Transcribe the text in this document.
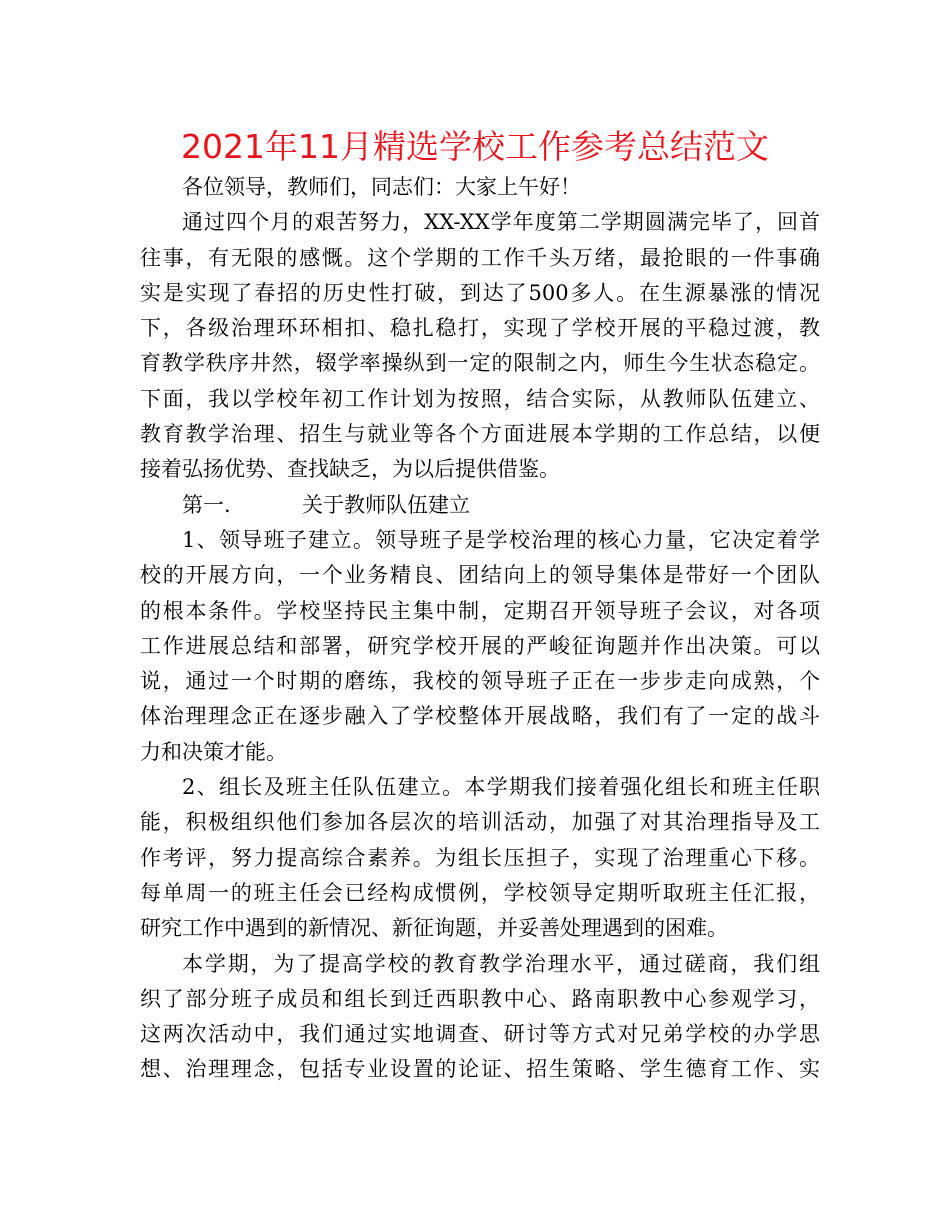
2021年11月精选学校工作参考总结范文
各位领导，教师们，同志们：大家上午好！
通过四个月的艰苦努力，XX-XX学年度第二学期圆满完毕了，回首
往事，有无限的感慨。这个学期的工作千头万绪，最抢眼的一件事确
实是实现了春招的历史性打破，到达了500多人。在生源暴涨的情况
下，各级治理环环相扣、稳扎稳打，实现了学校开展的平稳过渡，教
育教学秩序井然，辍学率操纵到一定的限制之内，师生今生状态稳定。
下面，我以学校年初工作计划为按照，结合实际，从教师队伍建立、
教育教学治理、招生与就业等各个方面进展本学期的工作总结，以便
接着弘扬优势、查找缺乏，为以后提供借鉴。
第一.	关于教师队伍建立
1、领导班子建立。领导班子是学校治理的核心力量，它决定着学
校的开展方向，一个业务精良、团结向上的领导集体是带好一个团队
的根本条件。学校坚持民主集中制，定期召开领导班子会议，对各项
工作进展总结和部署，研究学校开展的严峻征询题并作出决策。可以
说，通过一个时期的磨练，我校的领导班子正在一步步走向成熟，个
体治理理念正在逐步融入了学校整体开展战略，我们有了一定的战斗
力和决策才能。
2、组长及班主任队伍建立。本学期我们接着强化组长和班主任职
能，积极组织他们参加各层次的培训活动，加强了对其治理指导及工
作考评，努力提高综合素养。为组长压担子，实现了治理重心下移。
每单周一的班主任会已经构成惯例，学校领导定期听取班主任汇报，
研究工作中遇到的新情况、新征询题，并妥善处理遇到的困难。
本学期，为了提高学校的教育教学治理水平，通过磋商，我们组
织了部分班子成员和组长到迁西职教中心、路南职教中心参观学习，
这两次活动中，我们通过实地调查、研讨等方式对兄弟学校的办学思
想、治理理念，包括专业设置的论证、招生策略、学生德育工作、实
